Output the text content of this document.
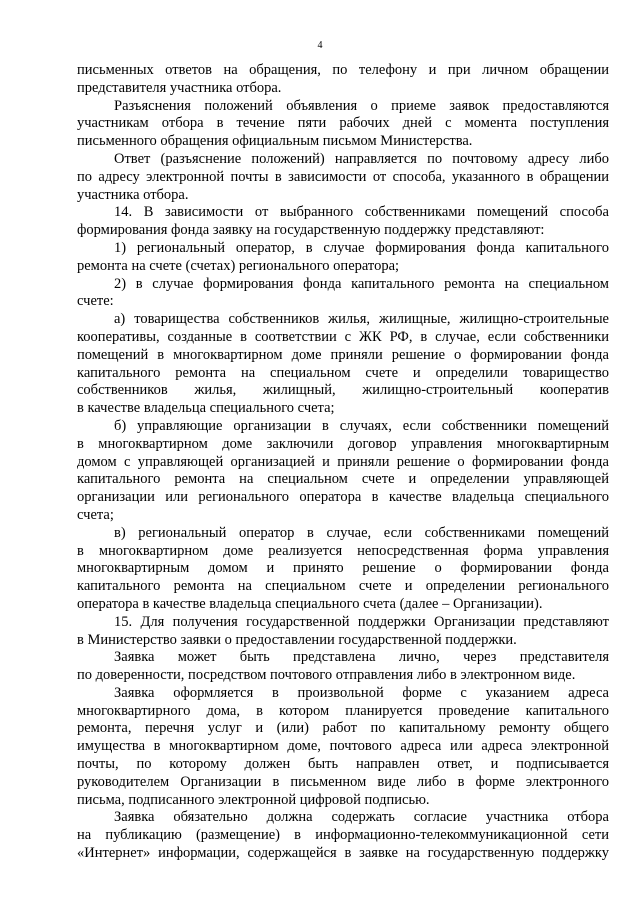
4
письменных ответов на обращения, по телефону и при личном обращении
представителя участника отбора.
Разъяснения положений объявления о приеме заявок предоставляются
участникам отбора в течение пяти рабочих дней с момента поступления
письменного обращения официальным письмом Министерства.
Ответ (разъяснение положений) направляется по почтовому адресу либо
по адресу электронной почты в зависимости от способа, указанного в обращении
участника отбора.
14. В зависимости от выбранного собственниками помещений способа
формирования фонда заявку на государственную поддержку представляют:
1) региональный оператор, в случае формирования фонда капитального
ремонта на счете (счетах) регионального оператора;
2) в случае формирования фонда капитального ремонта на специальном
счете:
а) товарищества собственников жилья, жилищные, жилищно-строительные
кооперативы, созданные в соответствии с ЖК РФ, в случае, если собственники
помещений в многоквартирном доме приняли решение о формировании фонда
капитального ремонта на специальном счете и определили товарищество
собственников жилья, жилищный, жилищно-строительный кооператив
в качестве владельца специального счета;
б) управляющие организации в случаях, если собственники помещений
в многоквартирном доме заключили договор управления многоквартирным
домом с управляющей организацией и приняли решение о формировании фонда
капитального ремонта на специальном счете и определении управляющей
организации или регионального оператора в качестве владельца специального
счета;
в) региональный оператор в случае, если собственниками помещений
в многоквартирном доме реализуется непосредственная форма управления
многоквартирным домом и принято решение о формировании фонда
капитального ремонта на специальном счете и определении регионального
оператора в качестве владельца специального счета (далее – Организации).
15. Для получения государственной поддержки Организации представляют
в Министерство заявки о предоставлении государственной поддержки.
Заявка может быть представлена лично, через представителя
по доверенности, посредством почтового отправления либо в электронном виде.
Заявка оформляется в произвольной форме с указанием адреса
многоквартирного дома, в котором планируется проведение капитального
ремонта, перечня услуг и (или) работ по капитальному ремонту общего
имущества в многоквартирном доме, почтового адреса или адреса электронной
почты, по которому должен быть направлен ответ, и подписывается
руководителем Организации в письменном виде либо в форме электронного
письма, подписанного электронной цифровой подписью.
Заявка обязательно должна содержать согласие участника отбора
на публикацию (размещение) в информационно-телекоммуникационной сети
«Интернет» информации, содержащейся в заявке на государственную поддержку
